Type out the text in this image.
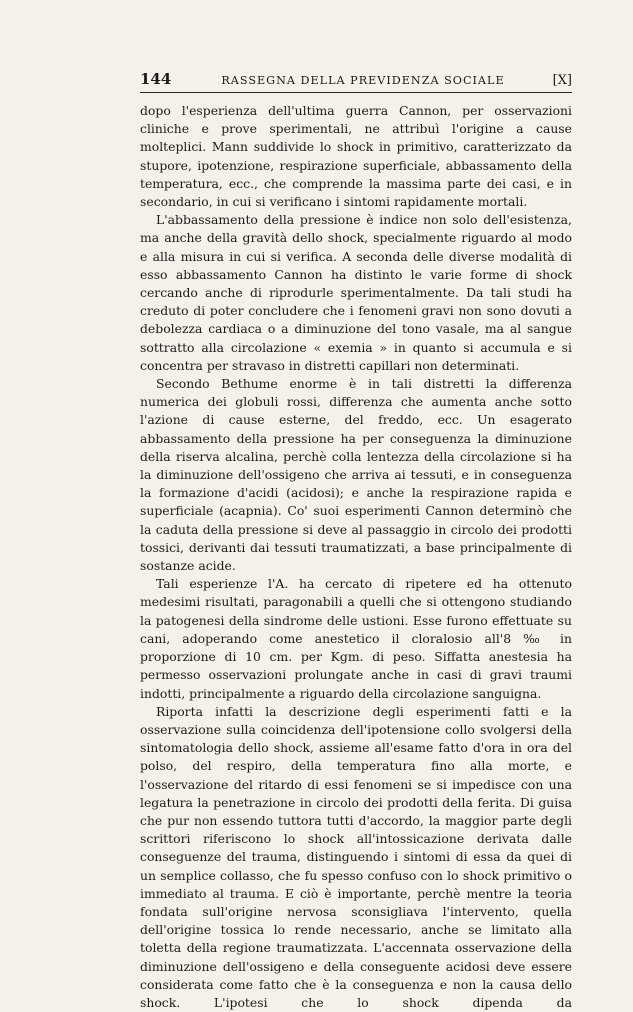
144	RASSEGNA DELLA PREVIDENZA SOCIALE	[X]

dopo l'esperienza dell'ultima guerra Cannon, per osservazioni cliniche e prove sperimentali, ne attribuì l'origine a cause molteplici. Mann suddivide lo shock in primitivo, caratterizzato da stupore, ipotenzione, respirazione superficiale, abbassamento della temperatura, ecc., che comprende la massima parte dei casi, e in secondario, in cui si verificano i sintomi rapidamente mortali.

L'abbassamento della pressione è indice non solo dell'esistenza, ma anche della gravità dello shock, specialmente riguardo al modo e alla misura in cui si verifica. A seconda delle diverse modalità di esso abbassamento Cannon ha distinto le varie forme di shock cercando anche di riprodurle sperimentalmente. Da tali studi ha creduto di poter concludere che i fenomeni gravi non sono dovuti a debolezza cardiaca o a diminuzione del tono vasale, ma al sangue sottratto alla circolazione « exemia » in quanto si accumula e si concentra per stravaso in distretti capillari non determinati.

Secondo Bethume enorme è in tali distretti la differenza numerica dei globuli rossi, differenza che aumenta anche sotto l'azione di cause esterne, del freddo, ecc. Un esagerato abbassamento della pressione ha per conseguenza la diminuzione della riserva alcalina, perchè colla lentezza della circolazione si ha la diminuzione dell'ossigeno che arriva ai tessuti, e in conseguenza la formazione d'acidi (acidosi); e anche la respirazione rapida e superficiale (acapnia). Co' suoi esperimenti Cannon determinò che la caduta della pressione si deve al passaggio in circolo dei prodotti tossici, derivanti dai tessuti traumatizzati, a base principalmente di sostanze acide.

Tali esperienze l'A. ha cercato di ripetere ed ha ottenuto medesimi risultati, paragonabili a quelli che si ottengono studiando la patogenesi della sindrome delle ustioni. Esse furono effettuate su cani, adoperando come anestetico il cloralosio all'8 ‰ in proporzione di 10 cm. per Kgm. di peso. Siffatta anestesia ha permesso osservazioni prolungate anche in casi di gravi traumi indotti, principalmente a riguardo della circolazione sanguigna.

Riporta infatti la descrizione degli esperimenti fatti e la osservazione sulla coincidenza dell'ipotensione collo svolgersi della sintomatologia dello shock, assieme all'esame fatto d'ora in ora del polso, del respiro, della temperatura fino alla morte, e l'osservazione del ritardo di essi fenomeni se si impedisce con una legatura la penetrazione in circolo dei prodotti della ferita. Di guisa che pur non essendo tuttora tutti d'accordo, la maggior parte degli scrittori riferiscono lo shock all'intossicazione derivata dalle conseguenze del trauma, distinguendo i sintomi di essa da quei di un semplice collasso, che fu spesso confuso con lo shock primitivo o immediato al trauma. E ciò è importante, perchè mentre la teoria fondata sull'origine nervosa sconsigliava l'intervento, quella dell'origine tossica lo rende necessario, anche se limitato alla toletta della regione traumatizzata. L'accennata osservazione della diminuzione dell'ossigeno e della conseguente acidosi deve essere considerata come fatto che è la conseguenza e non la causa dello shock. L'ipotesi che lo shock dipenda da
